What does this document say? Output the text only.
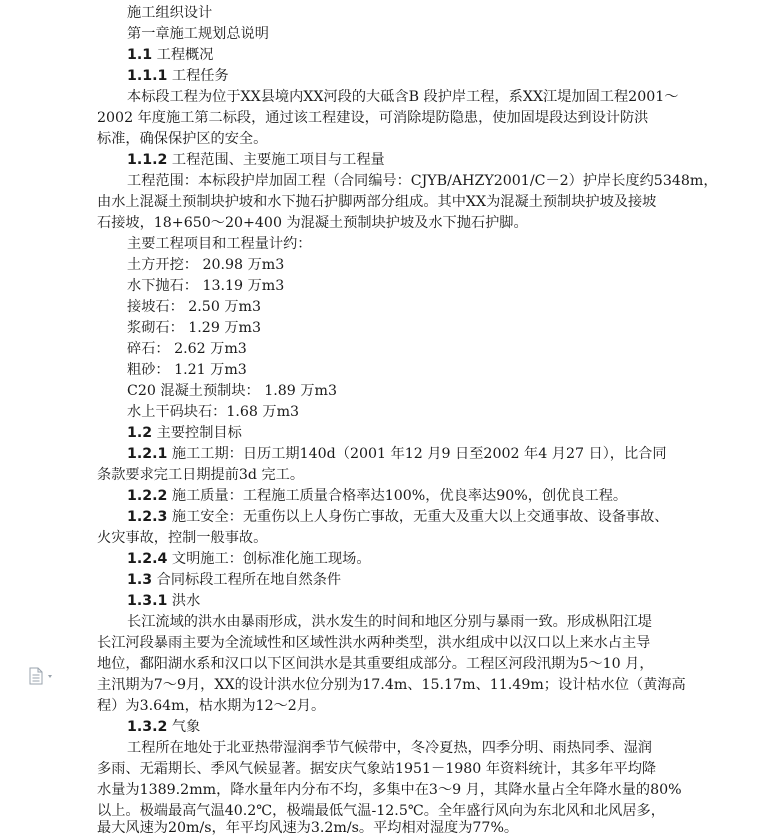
施工组织设计
第一章施工规划总说明
1.1 工程概况
1.1.1 工程任务
本标段工程为位于XX县境内XX河段的大砥含B 段护岸工程，系XX江堤加固工程2001～
2002 年度施工第二标段，通过该工程建设，可消除堤防隐患，使加固堤段达到设计防洪
标准，确保保护区的安全。
1.1.2 工程范围、主要施工项目与工程量
工程范围：本标段护岸加固工程（合同编号：CJYB/AHZY2001/C－2）护岸长度约5348m，
由水上混凝土预制块护坡和水下抛石护脚两部分组成。其中XX为混凝土预制块护坡及接坡
石接坡，18+650～20+400 为混凝土预制块护坡及水下抛石护脚。
主要工程项目和工程量计约：
土方开挖： 20.98 万m3
水下抛石： 13.19 万m3
接坡石： 2.50 万m3
浆砌石： 1.29 万m3
碎石： 2.62 万m3
粗砂： 1.21 万m3
C20 混凝土预制块： 1.89 万m3
水上干码块石：1.68 万m3
1.2 主要控制目标
1.2.1 施工工期：日历工期140d（2001 年12 月9 日至2002 年4 月27 日），比合同
条款要求完工日期提前3d 完工。
1.2.2 施工质量：工程施工质量合格率达100%，优良率达90%，创优良工程。
1.2.3 施工安全：无重伤以上人身伤亡事故，无重大及重大以上交通事故、设备事故、
火灾事故，控制一般事故。
1.2.4 文明施工：创标准化施工现场。
1.3 合同标段工程所在地自然条件
1.3.1 洪水
长江流域的洪水由暴雨形成，洪水发生的时间和地区分别与暴雨一致。形成枞阳江堤
长江河段暴雨主要为全流域性和区域性洪水两种类型，洪水组成中以汉口以上来水占主导
地位，鄱阳湖水系和汉口以下区间洪水是其重要组成部分。工程区河段汛期为5～10 月，
主汛期为7～9月，XX的设计洪水位分别为17.4m、15.17m、11.49m；设计枯水位（黄海高
程）为3.64m，枯水期为12～2月。
1.3.2 气象
工程所在地处于北亚热带湿润季节气候带中，冬冷夏热，四季分明、雨热同季、湿润
多雨、无霜期长、季风气候显著。据安庆气象站1951－1980 年资料统计，其多年平均降
水量为1389.2mm，降水量年内分布不均，多集中在3～9 月，其降水量占全年降水量的80%
以上。极端最高气温40.2℃，极端最低气温-12.5℃。全年盛行风向为东北风和北风居多，
最大风速为20m/s，年平均风速为3.2m/s。平均相对湿度为77%。
